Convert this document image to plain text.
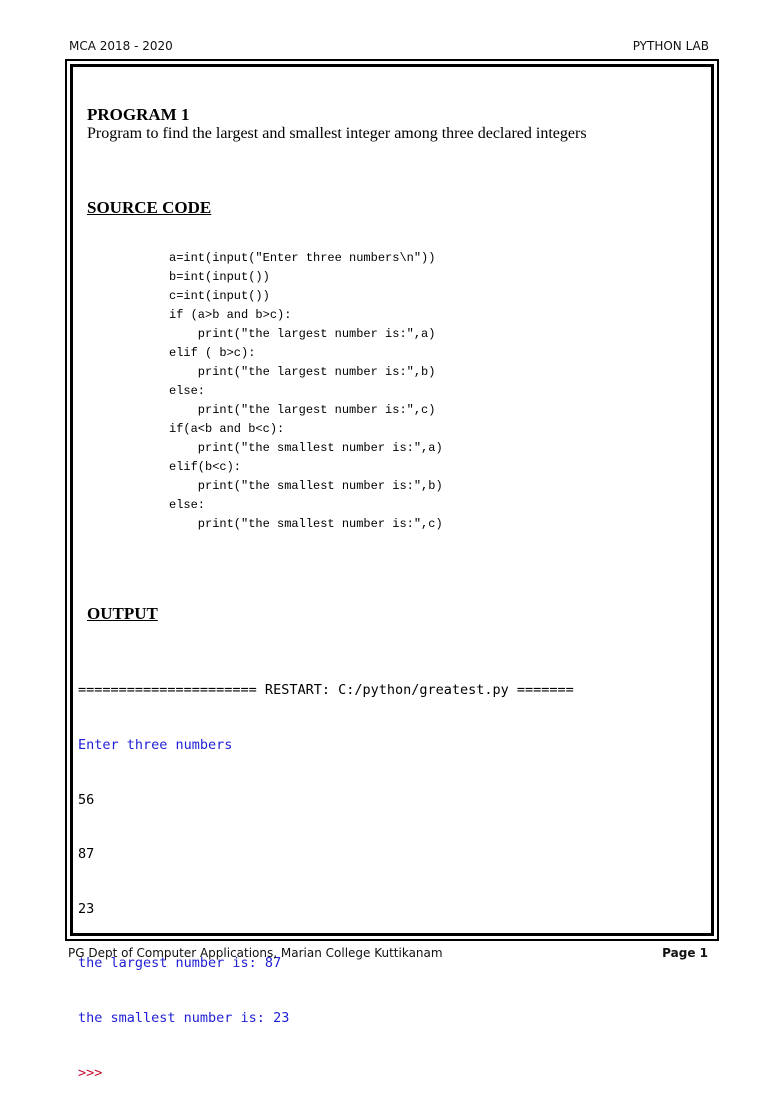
MCA 2018 - 2020	PYTHON LAB
PROGRAM 1
Program to find the largest and smallest integer among three declared integers
SOURCE CODE
a=int(input("Enter three numbers\n"))
b=int(input())
c=int(input())
if (a>b and b>c):
print("the largest number is:",a)
elif ( b>c):
print("the largest number is:",b)
else:
print("the largest number is:",c)
if(a<b and b<c):
print("the smallest number is:",a)
elif(b<c):
print("the smallest number is:",b)
else:
print("the smallest number is:",c)
OUTPUT

====================== RESTART: C:/python/greatest.py =======

Enter three numbers

56

87

23

the largest number is: 87

the smallest number is: 23

>>>

PG Dept of Computer Applications, Marian College Kuttikanam	Page 1
